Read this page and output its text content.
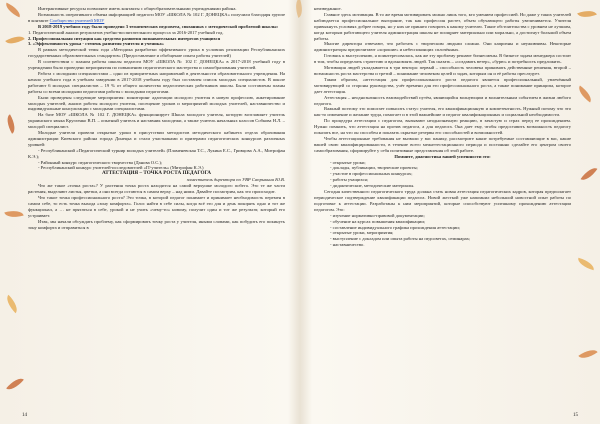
Интерактивные ресурсы позволяют иметь контакты с общеобразовательными учреждениями района.

Возможность оперативного обмена информацией педагоги МОУ «ШКОЛА № 102 Г. ДОНЕЦКА» получили благодаря группе в контакте Сообщество учителей МОУ

В 2018-2019 учебном году было проведено 3 тематических педсовета, связанных с методической проблемой школы:

1. Педагогический анализ результатов учебно-воспитательного процесса за 2016-2017 учебный год.

2. Профессиональная ситуация как средство развития познавательных интересов учащихся

3. «Эффективность урока - степень развития учителя и ученика»

В рамках методической темы года «Методика разработки эффективного урока в условиях реализации Республиканских государственных образовательных стандартов» (Предоставление и обобщение опыта работы учителей)

В соответствии с планом работы школы педагоги МОУ «ШКОЛА № 102 Г. ДОНЕЦКА» в 2017-2018 учебный году в учреждении было проведено мероприятия по повышению педагогического мастерства и самообразования учителей.

Работа с молодыми специалистами – одно из приоритетных направлений в деятельности образовательного учреждения. На начало учебного года в учебном заведении в 2017-2018 учебном году был составлен список молодых специалистов. В школе работают 6 молодых специалистов – 19 % от общего количества педагогических работников школы. Были составлены планы работы со всеми молодыми педагогами работы с молодыми педагогами.

Были проведены следующие мероприятия: мониторинг адаптации молодого учителя в новую профессию, анкетирование молодых учителей, анализ работы молодого учителя, посещение уроков и мероприятий молодых учителей, наставничество и индивидуальные консультации с молодыми специалистами.

На базе МОУ «ШКОЛА № 102 Г. ДОНЕЦКА» функционирует Школа молодого учителя, которую возглавляет учитель украинского языка Кругленко В.П. – опытный учитель и наставник молодежи, а также учитель начальных классов Собкова Н.Л. – молодой специалист.

Молодые учители провели открытые уроки в присутствии методистов методического кабинета отдела образования администрации Киевского района города Донецка и стали участниками и призерами педагогических конкурсов различных уровней:

- Республиканский «Педагогический турнир молодых учителей» (Пламеневская Т.С., Лукина Е.С., Гривцова А.А., Митрофан К.Э.);

- Районный конкурс педагогического творчества (Данова О.С.);

- Республиканский конкурс учителей-исследователей «IT-учитель» (Митрофан К.Э.)

АТТЕСТАЦИЯ – ТОЧКА РОСТА ПЕДАГОГА

заместитель директора по УВР Сапрыкина Ю.В.

Что же такое «точка роста»? У растения точка роста находится на самой верхушке молодого побега. Это те же части растения, выделяют листья, цветки, а они всегда остаются в самом верху – над ними. Давайте посмотрим, как это происходит.

Что такое точка профессионального роста? Это точка, в которой педагог понимает и принимает необходимость перемен в самом себе, то есть точка выхода «зону комфорта». Голос найти в себе силы, когда всё это для и день покорять одно и тот же функционал, а … не прятаться в себе, урокой и не учить «чему-то» новому, получит один и тот же результат, который его устраивает.

Итак, мы начали обсуждать проблему, как сформировать точку роста у учителя, иными словами, как побудить его покинуть зону комфорта и отправиться в

14

неизведанное.

Главное здесь мотивация. В то же время мотивировать можно лишь того, кто умением профессией. Но даже у таких учителей наблюдается профессиональное выгорание, так как профессия растет, объем обучающего работы увеличивается. Учителя привыкнуть условиях добрее говоря, но у них не принято говорить к какому учителю. Такие обстоятельства с уровнем не лучшим, когда которым работающего учителя администрация школы не поощряет материально или морально, а достигнут большой объем работы.

Многие директора отвечают, что работать с творческим людьми сложно. Они капризны и неуживчивы. Некоторые администраторы предпочитают «хорошие» и небеспокоящих сплочённых.

Готовясь к выступлению, я поинтересовалась, как же эту проблему решают бизнесмены. В бизнесе задача менеджера состоит в том, чтобы определить стратегию и вдохновлять людей. Так сказать – «создавать ветер», «бурю» и потребность предложить.

Мотивация людей укладывается в три вектора: первый – способность человека принимать действенные решения, второй – возможность роста мастерства и третий – понимание человеком целей и задач, которым он и её работы преследует.

Таким образом, «аттестация для профессионального роста педагога является профессиональный, увлечённый мотивирующей со стороны руководства, учёт времени для его профессионального роста, а также понимание принципа, которое дает аттестация.

Аттестация – неоднозначность взаимодействий путём, являющийся волнующим и волнительным событием в жизни любого педагога.

Важный поэтому это помогает повысить статус учителя, его квалификационную и компетентность. Нужный потому что это как-то изменение и желание труда, помогает и в этой важнейшие и педагог квалификационных и социальной необходимости.

По процедура аттестации с педагогом, вызывают неоднозначную реакцию, в зачастую и страх перед ее прохождением. Нужно помнить, что аттестация на против педагога, а для педагога. Она дает ему, чтобы предоставить возможность педагогу показать все, на что он способен и показать скрытые резервы его способностей и возможностей.

Чтобы аттестационные требования не вызвали у вас панику, рассмотрите какие потребуемые составляющие в вас, какие вашей свою квалифицированности, в течение всего межаттестационного периода и постоянно сделайте его центром своего самообразования, сформируйте у себя позитивные представления об этой работе.

Помните, диагностика вашей успешности это:

- открытые уроки;
- доклады, публикации, творческие проекты;
- участие в профессиональных конкурсах;
- работы учащихся;
- дидактические, методические материалы.

Сегодня качественного педагогического труда должна стать новая аттестация педагогических кадров, которая предполагает периодическое подтверждение квалификации педагога. Новой жесткой уже напомнил небольшой новостной опыт работы по подготовке к аттестации. Разработаны к ним мероприятий, которые способствуют успешному прохождению аттестации педагогом. Это:

- изучение нормативно-правовой документации;
- обучение на курсах повышения квалификации;
- составление индивидуального графика прохождения аттестации;
- открытые уроки, мероприятия;
- выступление с докладом или опыта работы на педсоветах, семинарах;
- наставничество.
15
